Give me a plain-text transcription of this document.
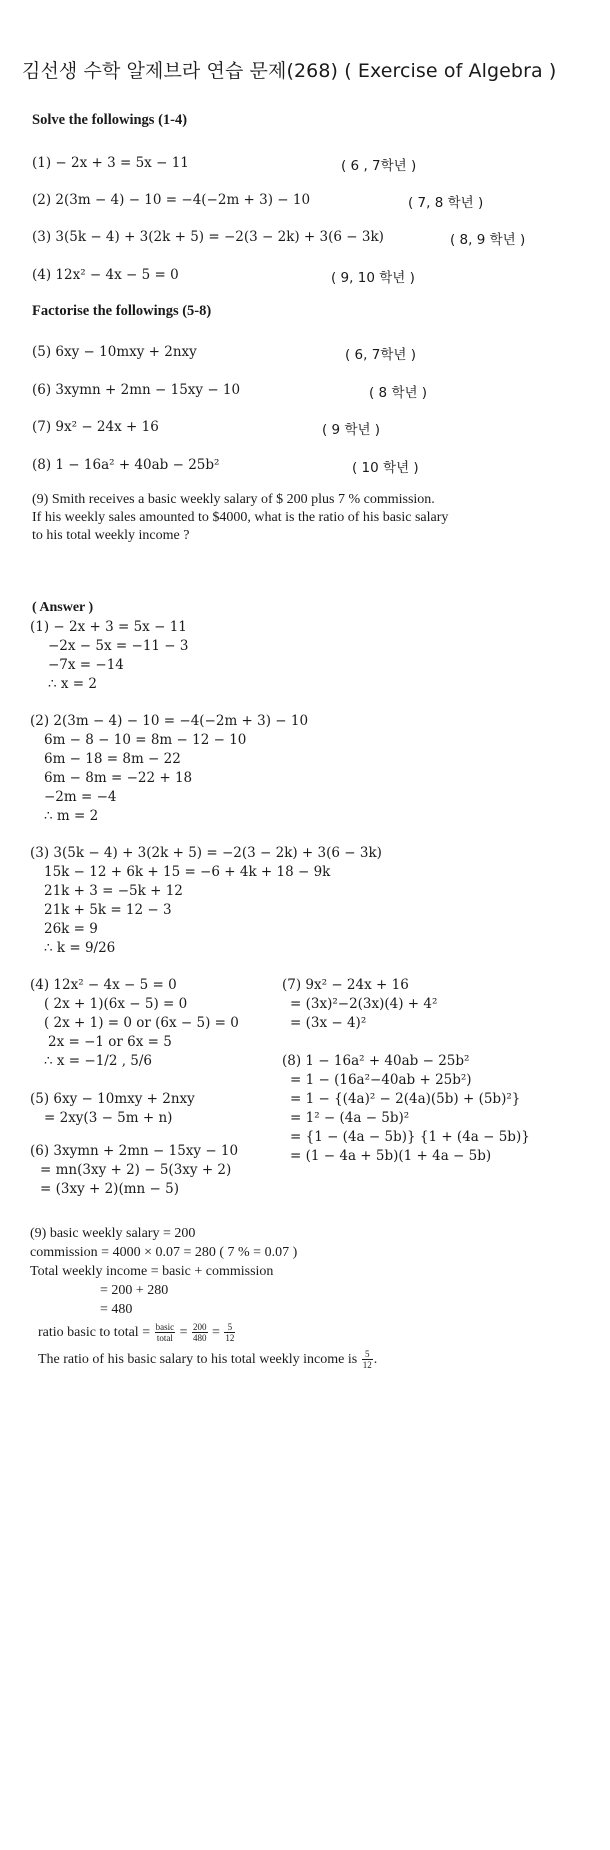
김선생 수학 알제브라 연습 문제(268) ( Exercise of Algebra )
Solve the followings (1-4)
(1) − 2x + 3 = 5x − 11	( 6 , 7학년 )
(2) 2(3m − 4) − 10 = −4(−2m + 3) − 10	( 7, 8 학년 )
(3) 3(5k − 4) + 3(2k + 5) = −2(3 − 2k) + 3(6 − 3k)	( 8, 9 학년 )
(4) 12x² − 4x − 5 = 0	( 9, 10 학년 )
Factorise the followings (5-8)
(5) 6xy − 10mxy + 2nxy	( 6, 7학년 )
(6) 3xymn + 2mn − 15xy − 10	( 8 학년 )
(7) 9x² − 24x + 16	( 9 학년 )
(8) 1 − 16a² + 40ab − 25b²	( 10 학년 )
(9) Smith receives a basic weekly salary of $ 200 plus 7 % commission.
If his weekly sales amounted to $4000, what is the ratio of his basic salary
to his total weekly income ?
( Answer )
(1) − 2x + 3 = 5x − 11
−2x − 5x = −11 − 3
−7x = −14
∴ x = 2
(2) 2(3m − 4) − 10 = −4(−2m + 3) − 10
6m − 8 − 10 = 8m − 12 − 10
6m − 18 = 8m − 22
6m − 8m = −22 + 18
−2m = −4
∴ m = 2
(3) 3(5k − 4) + 3(2k + 5) = −2(3 − 2k) + 3(6 − 3k)
15k − 12 + 6k + 15 = −6 + 4k + 18 − 9k
21k + 3 = −5k + 12
21k + 5k = 12 − 3
26k = 9
∴ k = 9/26
(4) 12x² − 4x − 5 = 0
( 2x + 1)(6x − 5) = 0
( 2x + 1) = 0 or (6x − 5) = 0
2x = −1 or 6x = 5
∴ x = −1/2 , 5/6
(5) 6xy − 10mxy + 2nxy
= 2xy(3 − 5m + n)
(6) 3xymn + 2mn − 15xy − 10
= mn(3xy + 2) − 5(3xy + 2)
= (3xy + 2)(mn − 5)
(7) 9x² − 24x + 16
= (3x)²−2(3x)(4) + 4²
= (3x − 4)²
(8) 1 − 16a² + 40ab − 25b²
= 1 − (16a²−40ab + 25b²)
= 1 − {(4a)² − 2(4a)(5b) + (5b)²}
= 1² − (4a − 5b)²
= {1 − (4a − 5b)} {1 + (4a − 5b)}
= (1 − 4a + 5b)(1 + 4a − 5b)
(9) basic weekly salary = 200
commission = 4000 × 0.07 = 280 ( 7 % = 0.07 )
Total weekly income = basic + commission
= 200 + 280
= 480
ratio basic to total = $\frac{\text{basic}}{\text{total}} = \frac{200}{480} = \frac{5}{12}$
The ratio of his basic salary to his total weekly income is $\frac{5}{12}$ .
